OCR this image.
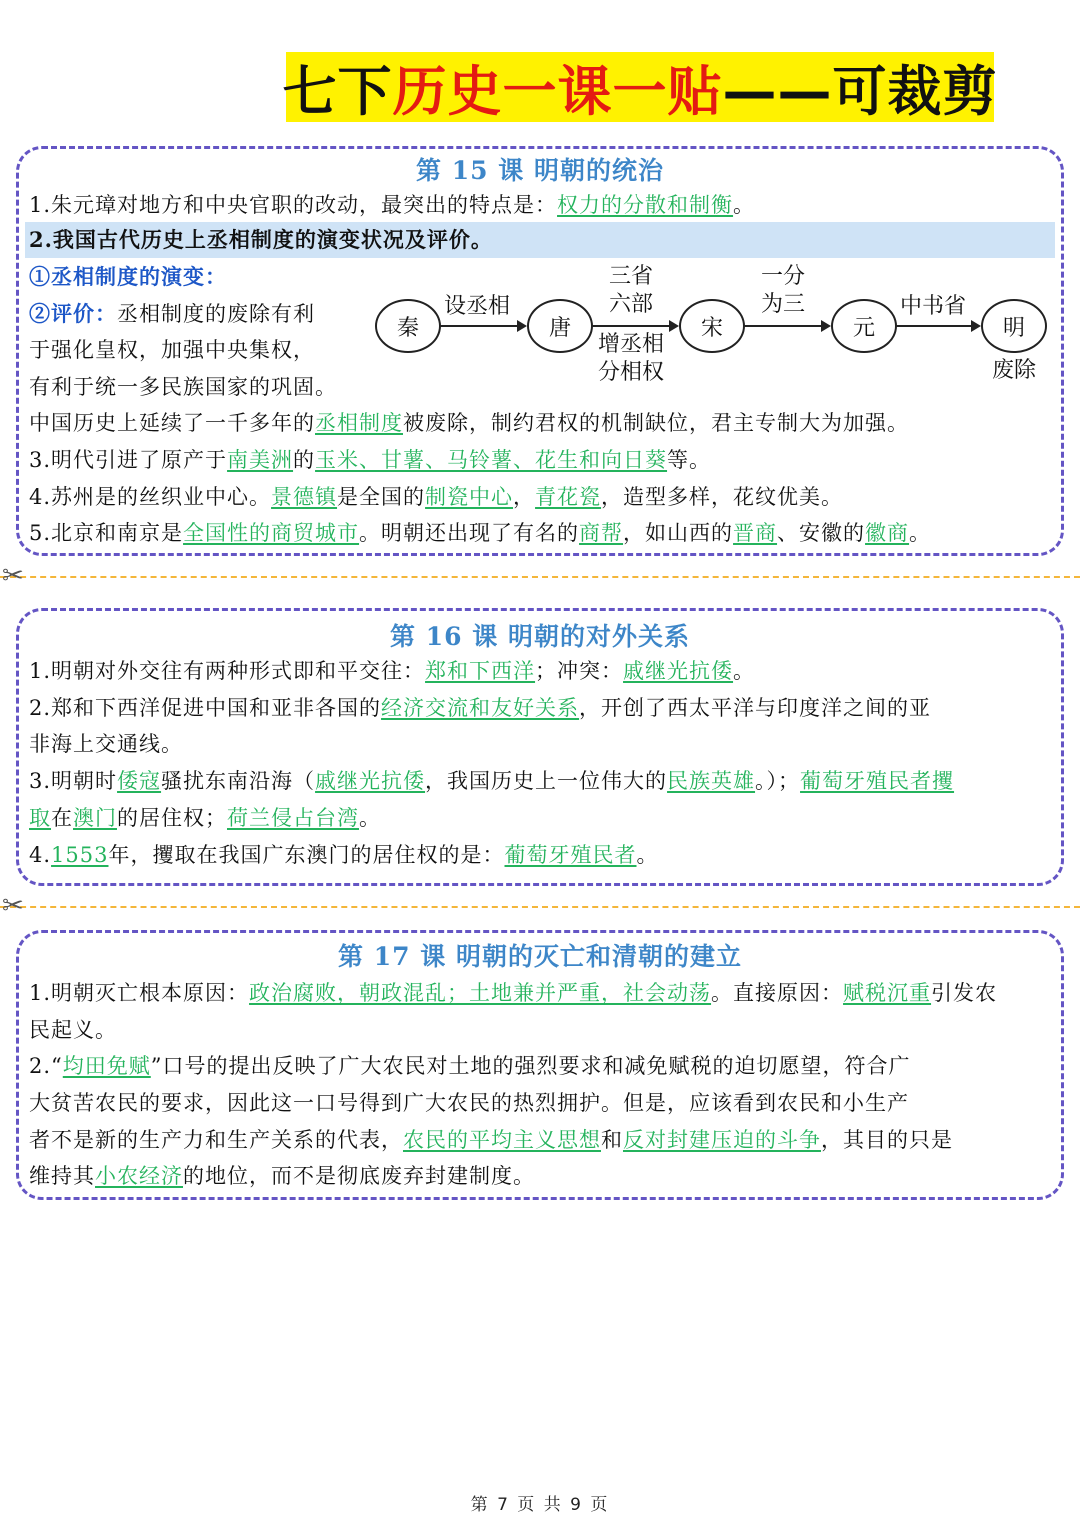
七下 历史一课一贴 ——可裁剪
第 15 课 明朝的统治
1.朱元璋对地方和中央官职的改动，最突出的特点是：权力的分散和制衡。
2.我国古代历史上丞相制度的演变状况及评价。
①丞相制度的演变：
②评价：丞相制度的废除有利
于强化皇权，加强中央集权，
有利于统一多民族国家的巩固。
秦	唐	宋	元	明
设丞相
三省
六部
增丞相
分相权
一分
为三	中书省
废除
中国历史上延续了一千多年的丞相制度被废除，制约君权的机制缺位，君主专制大为加强。
3.明代引进了原产于南美洲的玉米、甘薯、马铃薯、花生和向日葵等。
4.苏州是的丝织业中心。景德镇是全国的制瓷中心，青花瓷，造型多样，花纹优美。
5.北京和南京是全国性的商贸城市。明朝还出现了有名的商帮，如山西的晋商、安徽的徽商。
✂
第 16 课 明朝的对外关系
1.明朝对外交往有两种形式即和平交往：郑和下西洋；冲突：戚继光抗倭。
2.郑和下西洋促进中国和亚非各国的经济交流和友好关系，开创了西太平洋与印度洋之间的亚
非海上交通线。
3.明朝时倭寇骚扰东南沿海（戚继光抗倭，我国历史上一位伟大的民族英雄。）；葡萄牙殖民者攫
取在澳门的居住权；荷兰侵占台湾。
4.1553年，攫取在我国广东澳门的居住权的是：葡萄牙殖民者。
✂
第 17 课 明朝的灭亡和清朝的建立
1.明朝灭亡根本原因：政治腐败，朝政混乱；土地兼并严重，社会动荡。直接原因：赋税沉重引发农
民起义。
2.“均田免赋”口号的提出反映了广大农民对土地的强烈要求和减免赋税的迫切愿望，符合广
大贫苦农民的要求，因此这一口号得到广大农民的热烈拥护。但是，应该看到农民和小生产
者不是新的生产力和生产关系的代表，农民的平均主义思想和反对封建压迫的斗争，其目的只是
维持其小农经济的地位，而不是彻底废弃封建制度。
第 7 页 共 9 页
